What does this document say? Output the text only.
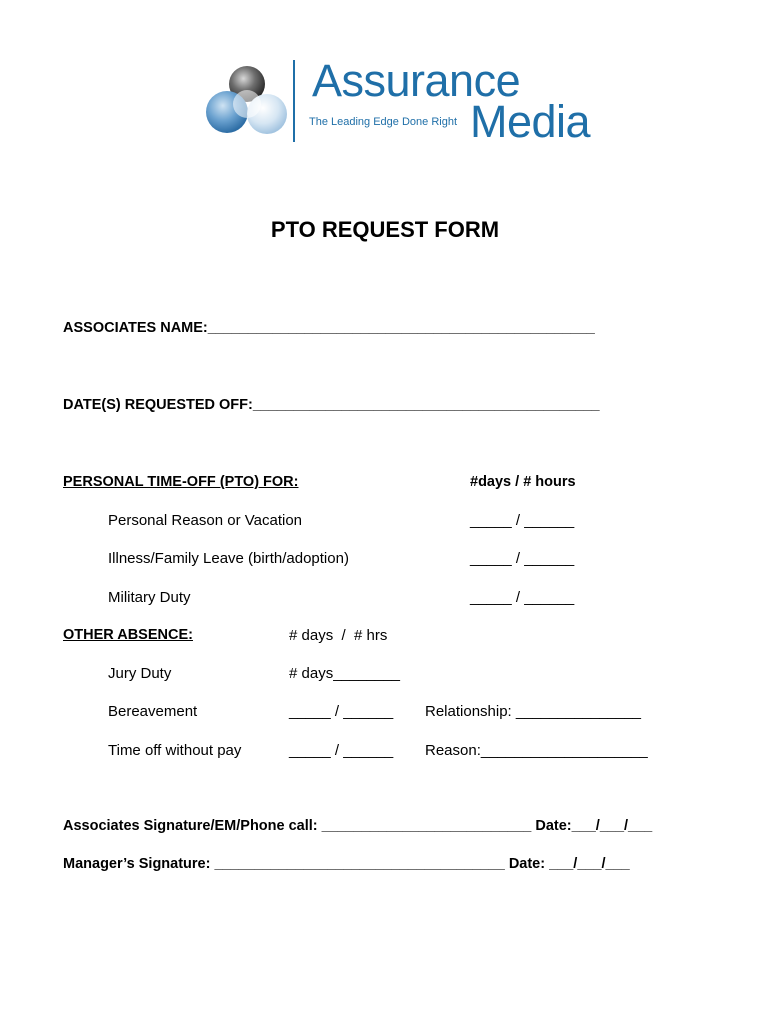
Assurance
The Leading Edge Done Right Media
PTO REQUEST FORM
ASSOCIATES NAME:________________________________________________
DATE(S) REQUESTED OFF:___________________________________________
PERSONAL TIME-OFF (PTO) FOR:	#days / # hours
Personal Reason or Vacation	_____ / ______
Illness/Family Leave (birth/adoption)	_____ / ______
Military Duty	_____ / ______
OTHER ABSENCE:	# days  /  # hrs
Jury Duty	# days________
Bereavement	_____ / ______ Relationship: _______________
Time off without pay	_____ / ______ Reason:____________________
Associates Signature/EM/Phone call: __________________________ Date:___/___/___
Manager’s Signature: ____________________________________ Date: ___/___/___
